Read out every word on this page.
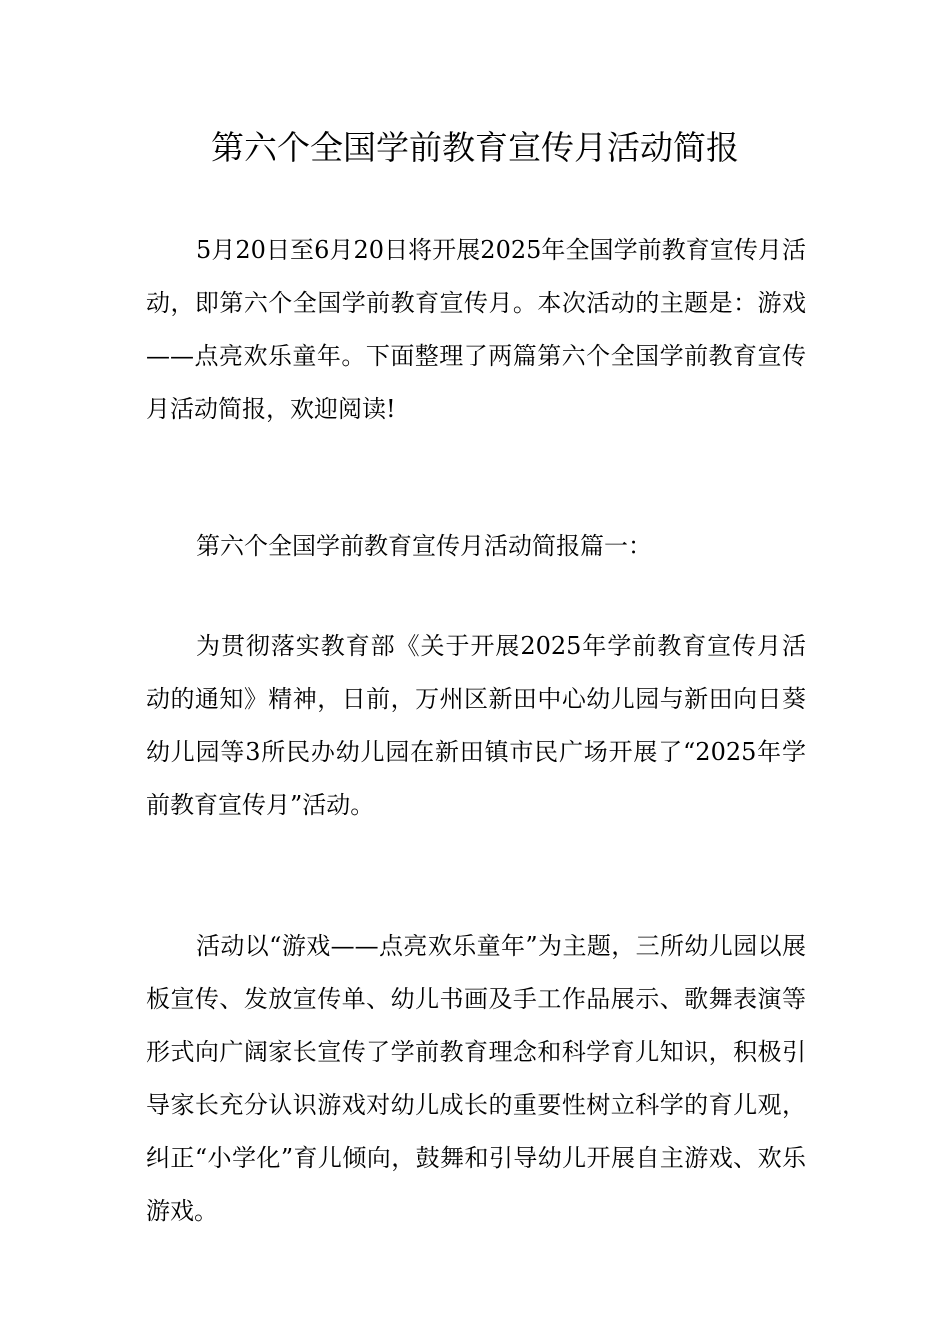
第六个全国学前教育宣传月活动简报

5月20日至6月20日将开展2025年全国学前教育宣传月活动，即第六个全国学前教育宣传月。本次活动的主题是：游戏——点亮欢乐童年。下面整理了两篇第六个全国学前教育宣传月活动简报，欢迎阅读!

第六个全国学前教育宣传月活动简报篇一：

为贯彻落实教育部《关于开展2025年学前教育宣传月活动的通知》精神，日前，万州区新田中心幼儿园与新田向日葵幼儿园等3所民办幼儿园在新田镇市民广场开展了“2025年学前教育宣传月”活动。

活动以“游戏——点亮欢乐童年”为主题，三所幼儿园以展板宣传、发放宣传单、幼儿书画及手工作品展示、歌舞表演等形式向广阔家长宣传了学前教育理念和科学育儿知识，积极引导家长充分认识游戏对幼儿成长的重要性树立科学的育儿观，纠正“小学化”育儿倾向，鼓舞和引导幼儿开展自主游戏、欢乐游戏。
